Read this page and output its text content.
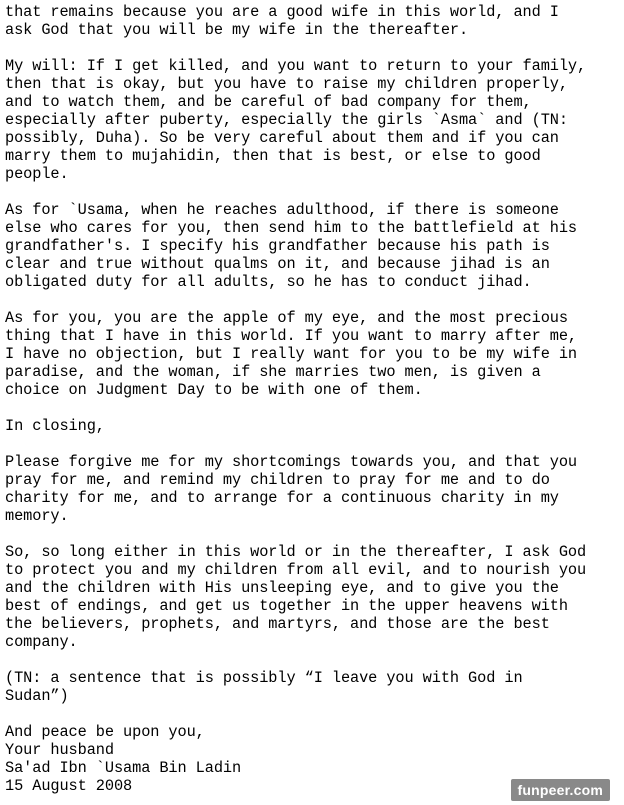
that remains because you are a good wife in this world, and I
ask God that you will be my wife in the thereafter.
My will: If I get killed, and you want to return to your family,
then that is okay, but you have to raise my children properly,
and to watch them, and be careful of bad company for them,
especially after puberty, especially the girls `Asma` and (TN:
possibly, Duha). So be very careful about them and if you can
marry them to mujahidin, then that is best, or else to good
people.
As for `Usama, when he reaches adulthood, if there is someone
else who cares for you, then send him to the battlefield at his
grandfather's. I specify his grandfather because his path is
clear and true without qualms on it, and because jihad is an
obligated duty for all adults, so he has to conduct jihad.
As for you, you are the apple of my eye, and the most precious
thing that I have in this world. If you want to marry after me,
I have no objection, but I really want for you to be my wife in
paradise, and the woman, if she marries two men, is given a
choice on Judgment Day to be with one of them.
In closing,
Please forgive me for my shortcomings towards you, and that you
pray for me, and remind my children to pray for me and to do
charity for me, and to arrange for a continuous charity in my
memory.
So, so long either in this world or in the thereafter, I ask God
to protect you and my children from all evil, and to nourish you
and the children with His unsleeping eye, and to give you the
best of endings, and get us together in the upper heavens with
the believers, prophets, and martyrs, and those are the best
company.
(TN: a sentence that is possibly “I leave you with God in
Sudan”)
And peace be upon you,
Your husband
Sa'ad Ibn `Usama Bin Ladin
15 August 2008	funpeer.com
